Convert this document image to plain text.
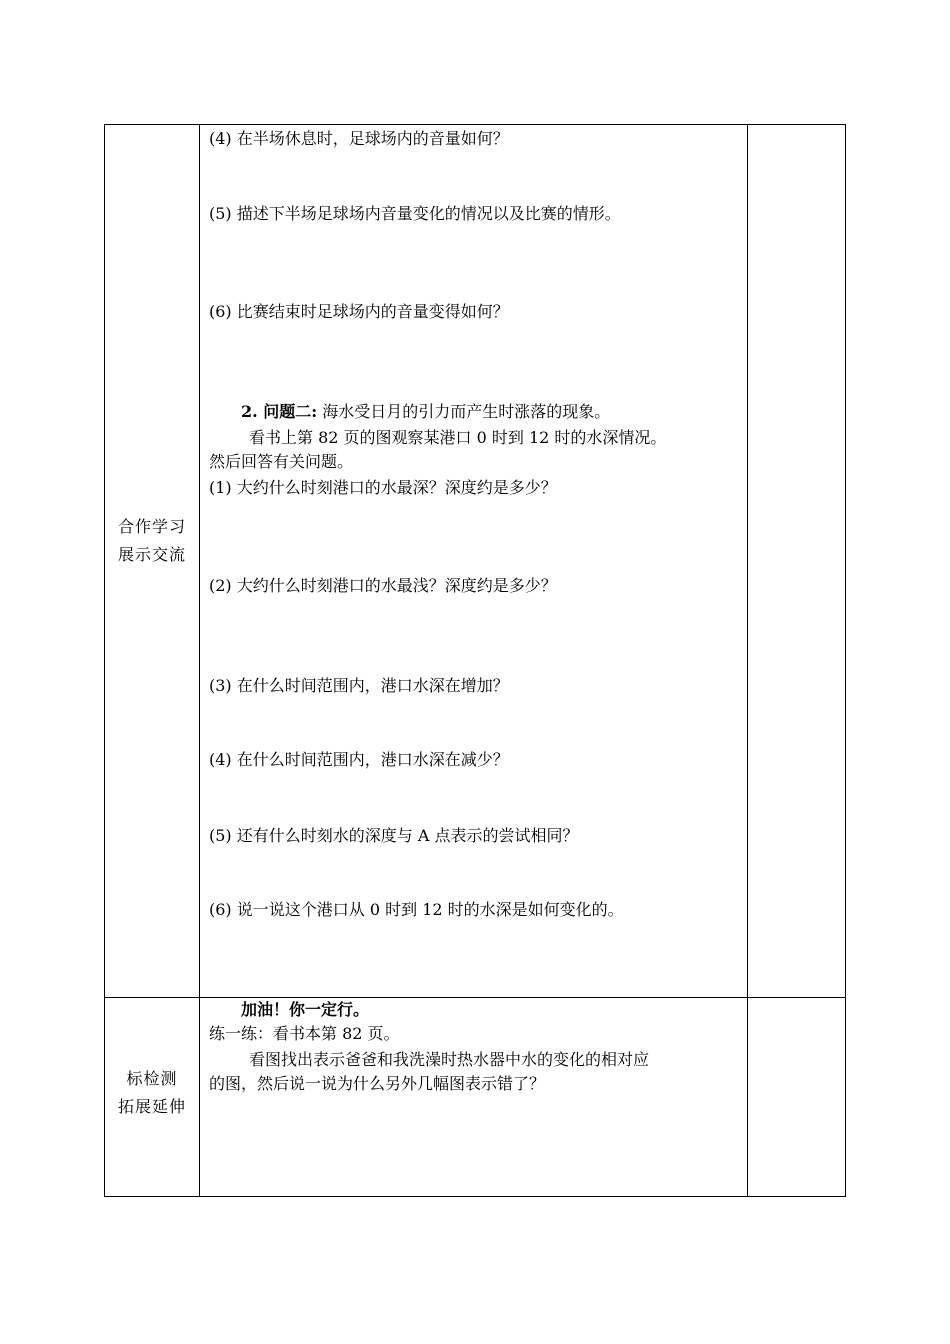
合作学习
展示交流
(4) 在半场休息时，足球场内的音量如何？
(5) 描述下半场足球场内音量变化的情况以及比赛的情形。
(6) 比赛结束时足球场内的音量变得如何？
2. 问题二: 海水受日月的引力而产生时涨落的现象。
看书上第 82 页的图观察某港口 0 时到 12 时的水深情况。
然后回答有关问题。
(1) 大约什么时刻港口的水最深？深度约是多少？
(2) 大约什么时刻港口的水最浅？深度约是多少？
(3) 在什么时间范围内，港口水深在增加？
(4) 在什么时间范围内，港口水深在减少？
(5) 还有什么时刻水的深度与 A 点表示的尝试相同？
(6) 说一说这个港口从 0 时到 12 时的水深是如何变化的。
标检测
拓展延伸
加油！你一定行。
练一练：看书本第 82 页。
看图找出表示爸爸和我洗澡时热水器中水的变化的相对应
的图，然后说一说为什么另外几幅图表示错了？
